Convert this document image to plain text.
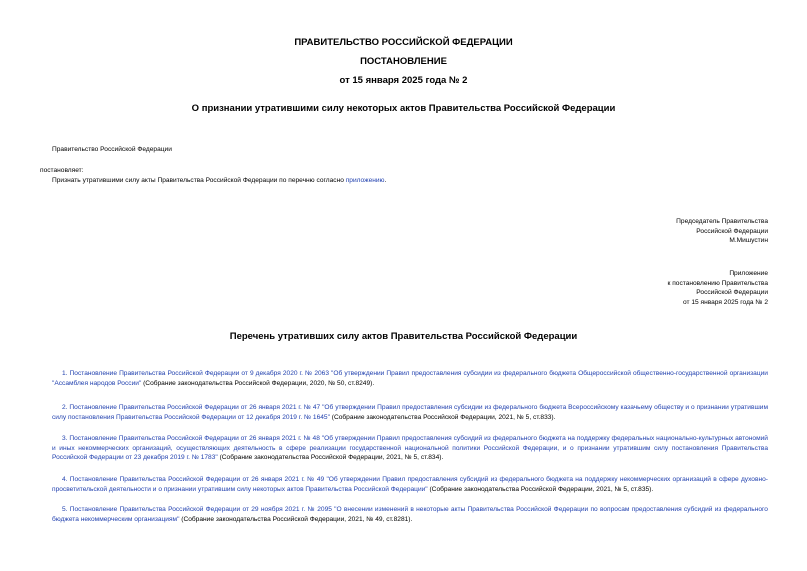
ПРАВИТЕЛЬСТВО РОССИЙСКОЙ ФЕДЕРАЦИИ
ПОСТАНОВЛЕНИЕ
от 15 января 2025 года № 2
О признании утратившими силу некоторых актов Правительства Российской Федерации
Правительство Российской Федерации
постановляет:
Признать утратившими силу акты Правительства Российской Федерации по перечню согласно приложению.
Председатель Правительства
Российской Федерации
М.Мишустин
Приложение
к постановлению Правительства
Российской Федерации
от 15 января 2025 года № 2
Перечень утративших силу актов Правительства Российской Федерации
1. Постановление Правительства Российской Федерации от 9 декабря 2020 г. № 2063 "Об утверждении Правил предоставления субсидии из федерального бюджета Общероссийской общественно-государственной организации "Ассамблея народов России" (Собрание законодательства Российской Федерации, 2020, № 50, ст.8249).
2. Постановление Правительства Российской Федерации от 26 января 2021 г. № 47 "Об утверждении Правил предоставления субсидии из федерального бюджета Всероссийскому казачьему обществу и о признании утратившим силу постановления Правительства Российской Федерации от 12 декабря 2019 г. № 1645" (Собрание законодательства Российской Федерации, 2021, № 5, ст.833).
3. Постановление Правительства Российской Федерации от 26 января 2021 г. № 48 "Об утверждении Правил предоставления субсидий из федерального бюджета на поддержку федеральных национально-культурных автономий и иных некоммерческих организаций, осуществляющих деятельность в сфере реализации государственной национальной политики Российской Федерации, и о признании утратившим силу постановления Правительства Российской Федерации от 23 декабря 2019 г. № 1783" (Собрание законодательства Российской Федерации, 2021, № 5, ст.834).
4. Постановление Правительства Российской Федерации от 26 января 2021 г. № 49 "Об утверждении Правил предоставления субсидий из федерального бюджета на поддержку некоммерческих организаций в сфере духовно-просветительской деятельности и о признании утратившим силу некоторых актов Правительства Российской Федерации" (Собрание законодательства Российской Федерации, 2021, № 5, ст.835).
5. Постановление Правительства Российской Федерации от 29 ноября 2021 г. № 2095 "О внесении изменений в некоторые акты Правительства Российской Федерации по вопросам предоставления субсидий из федерального бюджета некоммерческим организациям" (Собрание законодательства Российской Федерации, 2021, № 49, ст.8281).
